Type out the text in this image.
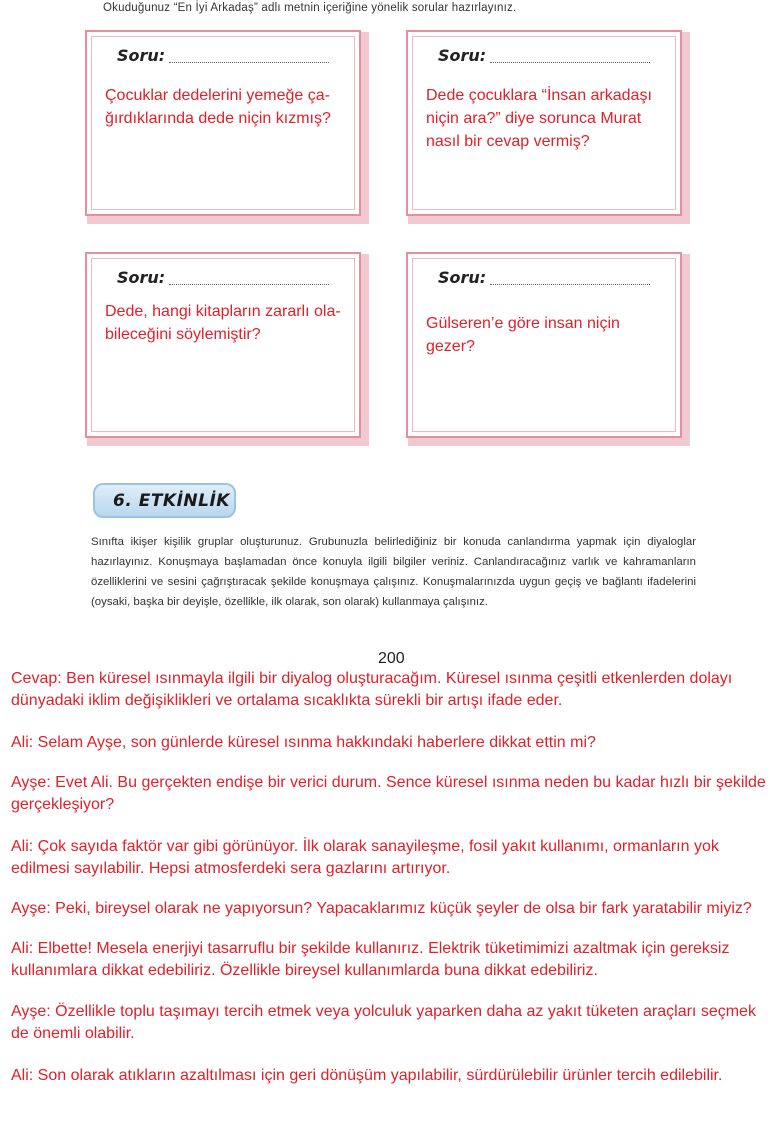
Okuduğunuz “En İyi Arkadaş” adlı metnin içeriğine yönelik sorular hazırlayınız.
Soru:
Çocuklar dedelerini yemeğe ça-ğırdıklarında dede niçin kızmış?
Soru:
Dede çocuklara “İnsan arkadaşı niçin ara?” diye sorunca Murat nasıl bir cevap vermiş?
Soru:
Dede, hangi kitapların zararlı ola-bileceğini söylemiştir?
Soru:
Gülseren’e göre insan niçin gezer?
6. ETKİNLİK
Sınıfta ikişer kişilik gruplar oluşturunuz. Grubunuzla belirlediğiniz bir konuda canlandırma yapmak için diyaloglar hazırlayınız. Konuşmaya başlamadan önce konuyla ilgili bilgiler veriniz. Canlandıracağınız varlık ve kahramanların özelliklerini ve sesini çağrıştıracak şekilde konuşmaya çalışınız. Konuşmalarınızda uygun geçiş ve bağlantı ifadelerini (oysaki, başka bir deyişle, özellikle, ilk olarak, son olarak) kullanmaya çalışınız.
200
Cevap: Ben küresel ısınmayla ilgili bir diyalog oluşturacağım. Küresel ısınma çeşitli etkenlerden dolayı dünyadaki iklim değişiklikleri ve ortalama sıcaklıkta sürekli bir artışı ifade eder.
Ali: Selam Ayşe, son günlerde küresel ısınma hakkındaki haberlere dikkat ettin mi?
Ayşe: Evet Ali. Bu gerçekten endişe bir verici durum. Sence küresel ısınma neden bu kadar hızlı bir şekilde gerçekleşiyor?
Ali: Çok sayıda faktör var gibi görünüyor. İlk olarak sanayileşme, fosil yakıt kullanımı, ormanların yok edilmesi sayılabilir. Hepsi atmosferdeki sera gazlarını artırıyor.
Ayşe: Peki, bireysel olarak ne yapıyorsun? Yapacaklarımız küçük şeyler de olsa bir fark yaratabilir miyiz?
Ali: Elbette! Mesela enerjiyi tasarruflu bir şekilde kullanırız. Elektrik tüketimimizi azaltmak için gereksiz kullanımlara dikkat edebiliriz. Özellikle bireysel kullanımlarda buna dikkat edebiliriz.
Ayşe: Özellikle toplu taşımayı tercih etmek veya yolculuk yaparken daha az yakıt tüketen araçları seçmek de önemli olabilir.
Ali: Son olarak atıkların azaltılması için geri dönüşüm yapılabilir, sürdürülebilir ürünler tercih edilebilir.
